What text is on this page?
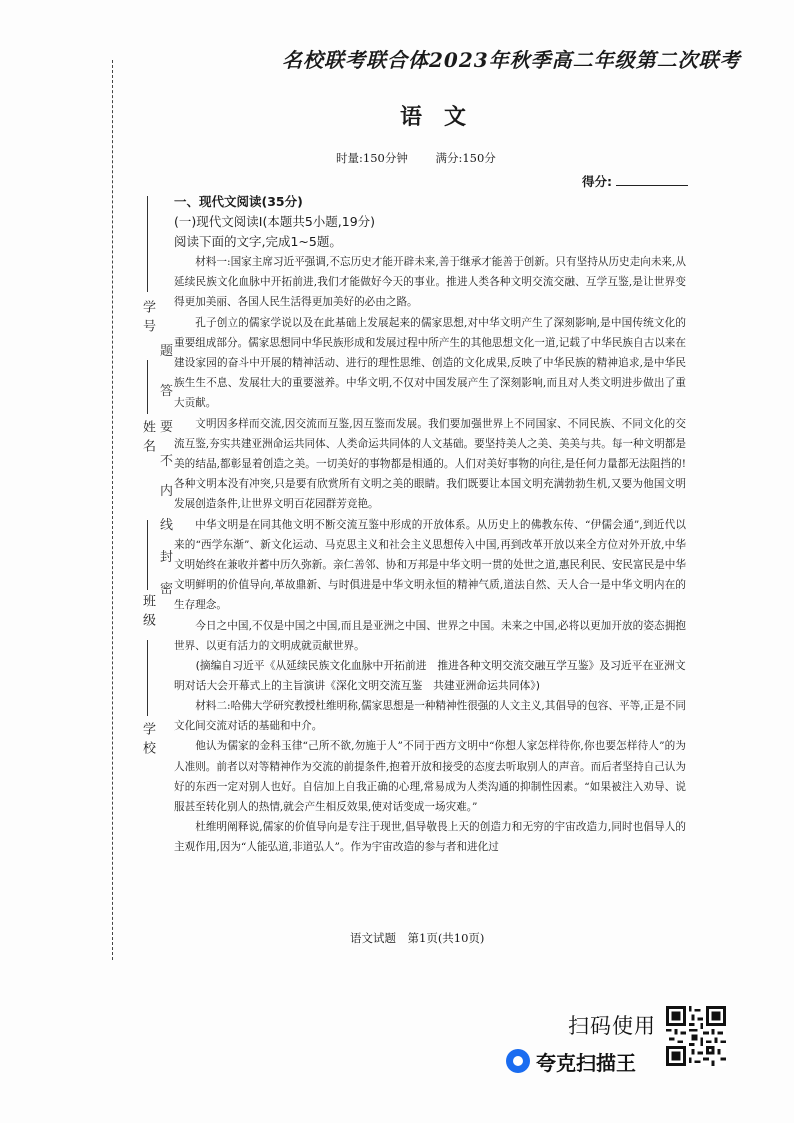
学号
姓名
班级
学校
题
答
要
不
内
线
封
密
名校联考联合体2023年秋季高二年级第二次联考
语文
时量:150分钟 满分:150分
得分:
一、现代文阅读(35分)
(一)现代文阅读Ⅰ(本题共5小题,19分)
阅读下面的文字,完成1~5题。

材料一:国家主席习近平强调,不忘历史才能开辟未来,善于继承才能善于创新。只有坚持从历史走向未来,从延续民族文化血脉中开拓前进,我们才能做好今天的事业。推进人类各种文明交流交融、互学互鉴,是让世界变得更加美丽、各国人民生活得更加美好的必由之路。

孔子创立的儒家学说以及在此基础上发展起来的儒家思想,对中华文明产生了深刻影响,是中国传统文化的重要组成部分。儒家思想同中华民族形成和发展过程中所产生的其他思想文化一道,记载了中华民族自古以来在建设家园的奋斗中开展的精神活动、进行的理性思维、创造的文化成果,反映了中华民族的精神追求,是中华民族生生不息、发展壮大的重要滋养。中华文明,不仅对中国发展产生了深刻影响,而且对人类文明进步做出了重大贡献。

文明因多样而交流,因交流而互鉴,因互鉴而发展。我们要加强世界上不同国家、不同民族、不同文化的交流互鉴,夯实共建亚洲命运共同体、人类命运共同体的人文基础。要坚持美人之美、美美与共。每一种文明都是美的结晶,都彰显着创造之美。一切美好的事物都是相通的。人们对美好事物的向往,是任何力量都无法阻挡的!各种文明本没有冲突,只是要有欣赏所有文明之美的眼睛。我们既要让本国文明充满勃勃生机,又要为他国文明发展创造条件,让世界文明百花园群芳竞艳。

中华文明是在同其他文明不断交流互鉴中形成的开放体系。从历史上的佛教东传、“伊儒会通”,到近代以来的“西学东渐”、新文化运动、马克思主义和社会主义思想传入中国,再到改革开放以来全方位对外开放,中华文明始终在兼收并蓄中历久弥新。亲仁善邻、协和万邦是中华文明一贯的处世之道,惠民利民、安民富民是中华文明鲜明的价值导向,革故鼎新、与时俱进是中华文明永恒的精神气质,道法自然、天人合一是中华文明内在的生存理念。

今日之中国,不仅是中国之中国,而且是亚洲之中国、世界之中国。未来之中国,必将以更加开放的姿态拥抱世界、以更有活力的文明成就贡献世界。

(摘编自习近平《从延续民族文化血脉中开拓前进　推进各种文明交流交融互学互鉴》及习近平在亚洲文明对话大会开幕式上的主旨演讲《深化文明交流互鉴　共建亚洲命运共同体》)

材料二:哈佛大学研究教授杜维明称,儒家思想是一种精神性很强的人文主义,其倡导的包容、平等,正是不同文化间交流对话的基础和中介。

他认为儒家的金科玉律“己所不欲,勿施于人”不同于西方文明中“你想人家怎样待你,你也要怎样待人”的为人准则。前者以对等精神作为交流的前提条件,抱着开放和接受的态度去听取别人的声音。而后者坚持自己认为好的东西一定对别人也好。自信加上自我正确的心理,常易成为人类沟通的抑制性因素。“如果被注入劝导、说服甚至转化别人的热情,就会产生相反效果,使对话变成一场灾难。”

杜维明阐释说,儒家的价值导向是专注于现世,倡导敬畏上天的创造力和无穷的宇宙改造力,同时也倡导人的主观作用,因为“人能弘道,非道弘人”。作为宇宙改造的参与者和进化过

语文试题　第1页(共10页)
扫码使用
夸克扫描王
